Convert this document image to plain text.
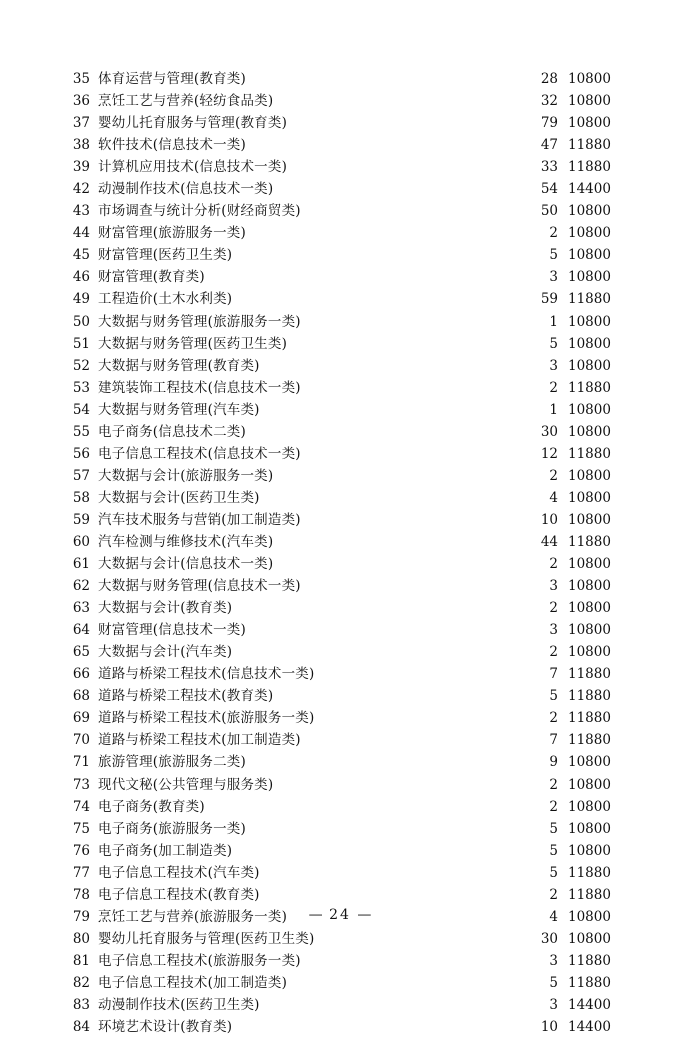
35	体育运营与管理(教育类)	28	10800
36	烹饪工艺与营养(轻纺食品类)	32	10800
37	婴幼儿托育服务与管理(教育类)	79	10800
38	软件技术(信息技术一类)	47	11880
39	计算机应用技术(信息技术一类)	33	11880
42	动漫制作技术(信息技术一类)	54	14400
43	市场调查与统计分析(财经商贸类)	50	10800
44	财富管理(旅游服务一类)	2	10800
45	财富管理(医药卫生类)	5	10800
46	财富管理(教育类)	3	10800
49	工程造价(土木水利类)	59	11880
50	大数据与财务管理(旅游服务一类)	1	10800
51	大数据与财务管理(医药卫生类)	5	10800
52	大数据与财务管理(教育类)	3	10800
53	建筑装饰工程技术(信息技术一类)	2	11880
54	大数据与财务管理(汽车类)	1	10800
55	电子商务(信息技术二类)	30	10800
56	电子信息工程技术(信息技术一类)	12	11880
57	大数据与会计(旅游服务一类)	2	10800
58	大数据与会计(医药卫生类)	4	10800
59	汽车技术服务与营销(加工制造类)	10	10800
60	汽车检测与维修技术(汽车类)	44	11880
61	大数据与会计(信息技术一类)	2	10800
62	大数据与财务管理(信息技术一类)	3	10800
63	大数据与会计(教育类)	2	10800
64	财富管理(信息技术一类)	3	10800
65	大数据与会计(汽车类)	2	10800
66	道路与桥梁工程技术(信息技术一类)	7	11880
68	道路与桥梁工程技术(教育类)	5	11880
69	道路与桥梁工程技术(旅游服务一类)	2	11880
70	道路与桥梁工程技术(加工制造类)	7	11880
71	旅游管理(旅游服务二类)	9	10800
73	现代文秘(公共管理与服务类)	2	10800
74	电子商务(教育类)	2	10800
75	电子商务(旅游服务一类)	5	10800
76	电子商务(加工制造类)	5	10800
77	电子信息工程技术(汽车类)	5	11880
78	电子信息工程技术(教育类)	2	11880
79	烹饪工艺与营养(旅游服务一类)	4	10800
80	婴幼儿托育服务与管理(医药卫生类)	30	10800
81	电子信息工程技术(旅游服务一类)	3	11880
82	电子信息工程技术(加工制造类)	5	11880
83	动漫制作技术(医药卫生类)	3	14400
84	环境艺术设计(教育类)	10	14400
— 24 —
